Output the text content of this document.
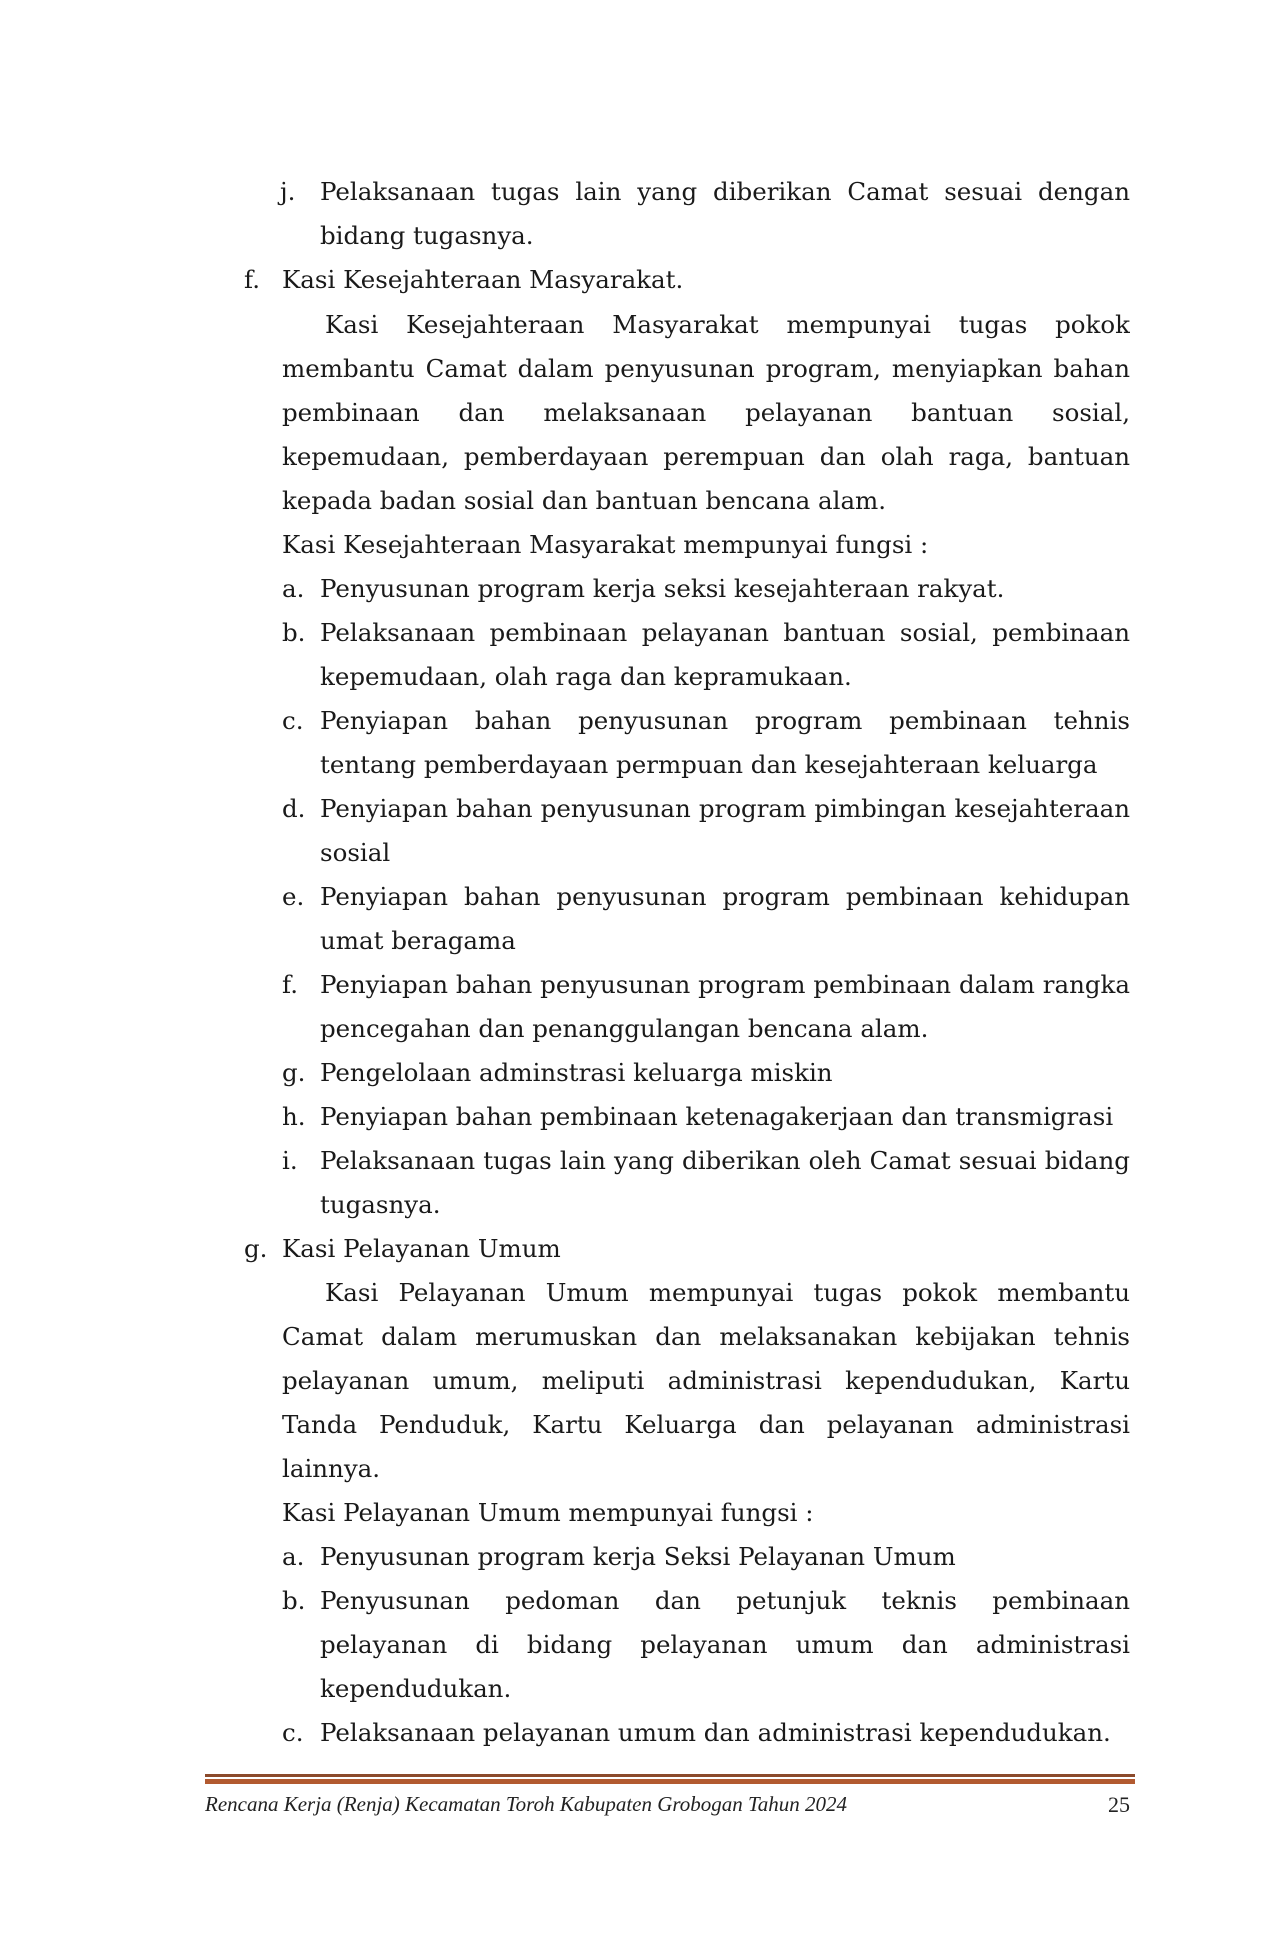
j. Pelaksanaan tugas lain yang diberikan Camat sesuai dengan
bidang tugasnya.
f. Kasi Kesejahteraan Masyarakat.
Kasi Kesejahteraan Masyarakat mempunyai tugas pokok
membantu Camat dalam penyusunan program, menyiapkan bahan
pembinaan dan melaksanaan pelayanan bantuan sosial,
kepemudaan, pemberdayaan perempuan dan olah raga, bantuan
kepada badan sosial dan bantuan bencana alam.
Kasi Kesejahteraan Masyarakat mempunyai fungsi :
a. Penyusunan program kerja seksi kesejahteraan rakyat.
b. Pelaksanaan pembinaan pelayanan bantuan sosial, pembinaan
kepemudaan, olah raga dan kepramukaan.
c. Penyiapan bahan penyusunan program pembinaan tehnis
tentang pemberdayaan permpuan dan kesejahteraan keluarga
d. Penyiapan bahan penyusunan program pimbingan kesejahteraan
sosial
e. Penyiapan bahan penyusunan program pembinaan kehidupan
umat beragama
f. Penyiapan bahan penyusunan program pembinaan dalam rangka
pencegahan dan penanggulangan bencana alam.
g. Pengelolaan adminstrasi keluarga miskin
h. Penyiapan bahan pembinaan ketenagakerjaan dan transmigrasi
i. Pelaksanaan tugas lain yang diberikan oleh Camat sesuai bidang
tugasnya.
g. Kasi Pelayanan Umum
Kasi Pelayanan Umum mempunyai tugas pokok membantu
Camat dalam merumuskan dan melaksanakan kebijakan tehnis
pelayanan umum, meliputi administrasi kependudukan, Kartu
Tanda Penduduk, Kartu Keluarga dan pelayanan administrasi
lainnya.
Kasi Pelayanan Umum mempunyai fungsi :
a. Penyusunan program kerja Seksi Pelayanan Umum
b. Penyusunan pedoman dan petunjuk teknis pembinaan
pelayanan di bidang pelayanan umum dan administrasi
kependudukan.
c. Pelaksanaan pelayanan umum dan administrasi kependudukan.
Rencana Kerja (Renja) Kecamatan Toroh Kabupaten Grobogan Tahun 2024	25
